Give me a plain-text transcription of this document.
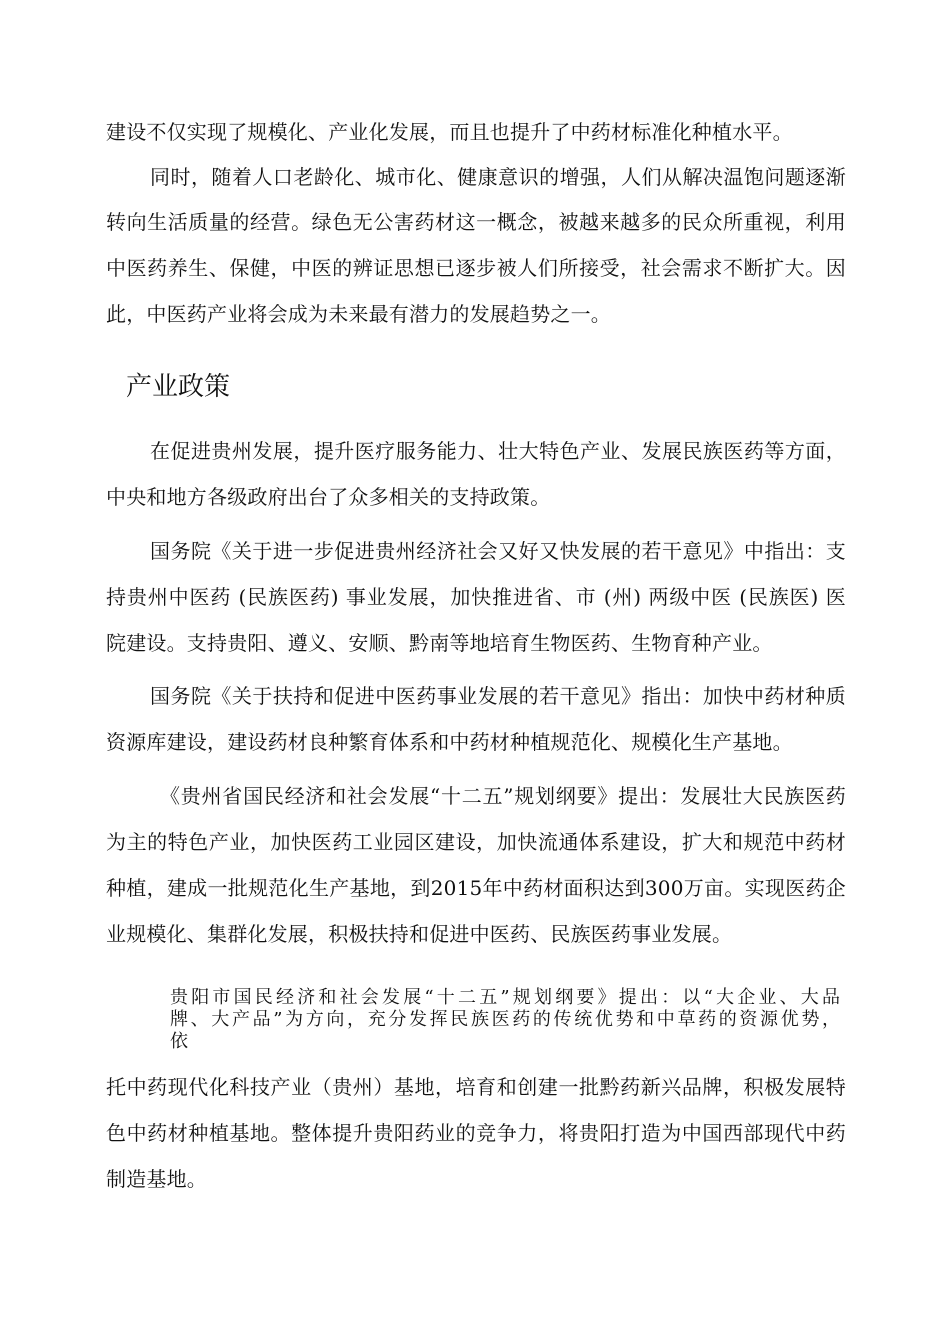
建设不仅实现了规模化、产业化发展，而且也提升了中药材标准化种植水平。
同时，随着人口老龄化、城市化、健康意识的增强，人们从解决温饱问题逐渐
转向生活质量的经营。绿色无公害药材这一概念，被越来越多的民众所重视，利用
中医药养生、保健，中医的辨证思想已逐步被人们所接受，社会需求不断扩大。因
此，中医药产业将会成为未来最有潜力的发展趋势之一。
产业政策
在促进贵州发展，提升医疗服务能力、壮大特色产业、发展民族医药等方面，
中央和地方各级政府出台了众多相关的支持政策。
国务院《关于进一步促进贵州经济社会又好又快发展的若干意见》中指出：支
持贵州中医药 (民族医药) 事业发展，加快推进省、市 (州) 两级中医 (民族医) 医
院建设。支持贵阳、遵义、安顺、黔南等地培育生物医药、生物育种产业。
国务院《关于扶持和促进中医药事业发展的若干意见》指出：加快中药材种质
资源库建设，建设药材良种繁育体系和中药材种植规范化、规模化生产基地。
《贵州省国民经济和社会发展“十二五”规划纲要》提出：发展壮大民族医药
为主的特色产业，加快医药工业园区建设，加快流通体系建设，扩大和规范中药材
种植，建成一批规范化生产基地，到2015年中药材面积达到300万亩。实现医药企
业规模化、集群化发展，积极扶持和促进中医药、民族医药事业发展。
贵阳市国民经济和社会发展“十二五”规划纲要》提出：以“大企业、大品
牌、大产品”为方向，充分发挥民族医药的传统优势和中草药的资源优势，
依
托中药现代化科技产业（贵州）基地，培育和创建一批黔药新兴品牌，积极发展特
色中药材种植基地。整体提升贵阳药业的竞争力，将贵阳打造为中国西部现代中药
制造基地。
